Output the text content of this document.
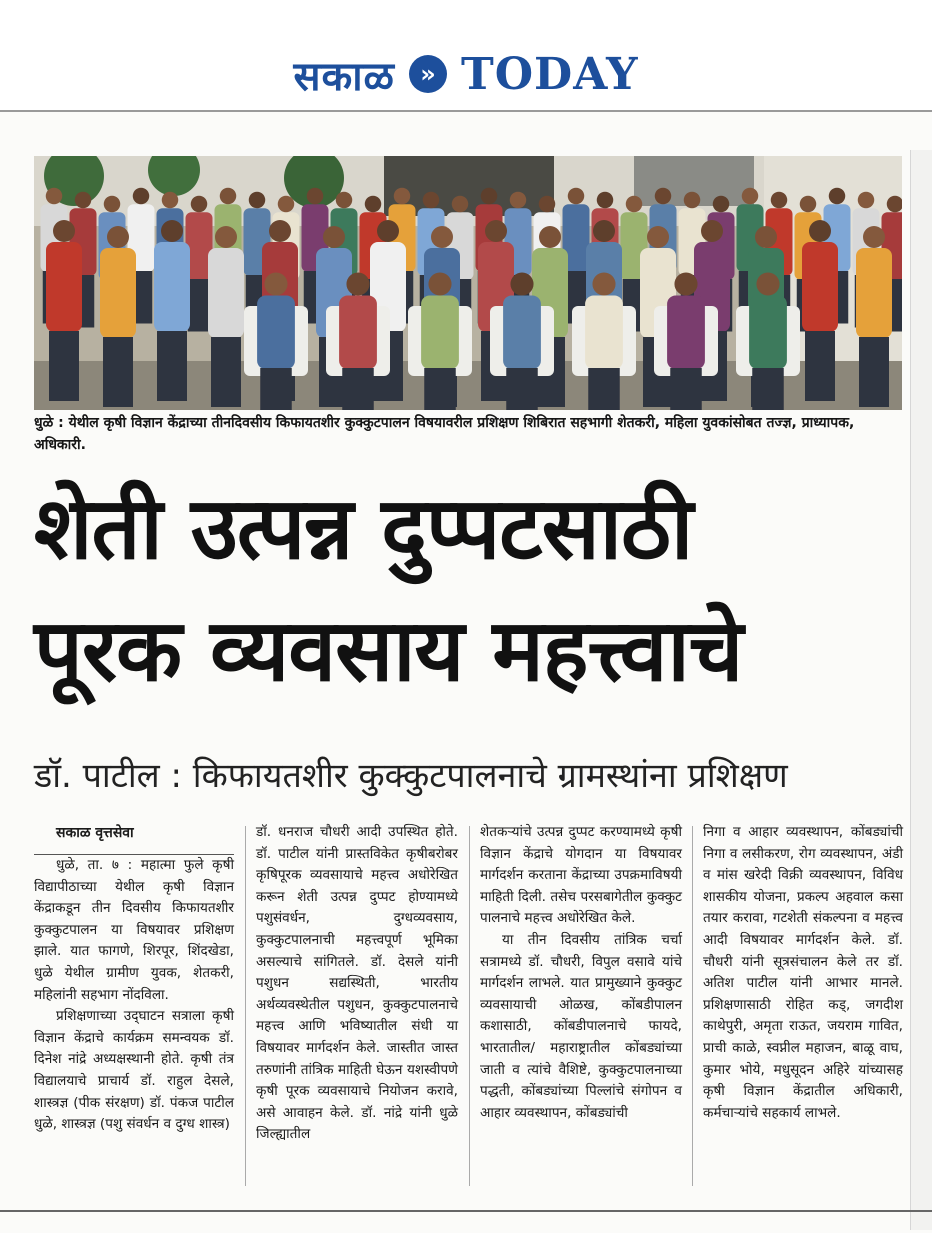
सकाळ	» TODAY
धुळे : येथील कृषी विज्ञान केंद्राच्या तीनदिवसीय किफायतशीर कुक्कुटपालन विषयावरील प्रशिक्षण शिबिरात सहभागी शेतकरी, महिला युवकांसोबत तज्ज्ञ, प्राध्यापक, अधिकारी.
शेती उत्पन्न दुप्पटसाठी
पूरक व्यवसाय महत्त्वाचे
डॉ. पाटील : किफायतशीर कुक्कुटपालनाचे ग्रामस्थांना प्रशिक्षण

सकाळ वृत्तसेवा

धुळे, ता. ७ : महात्मा फुले कृषी विद्यापीठाच्या येथील कृषी विज्ञान केंद्राकडून तीन दिवसीय किफायतशीर कुक्कुटपालन या विषयावर प्रशिक्षण झाले. यात फागणे, शिरपूर, शिंदखेडा, धुळे येथील ग्रामीण युवक, शेतकरी, महिलांनी सहभाग नोंदविला.

प्रशिक्षणाच्या उद्‌घाटन सत्राला कृषी विज्ञान केंद्राचे कार्यक्रम समन्वयक डॉ. दिनेश नांद्रे अध्यक्षस्थानी होते. कृषी तंत्र विद्यालयाचे प्राचार्य डॉ. राहुल देसले, शास्त्रज्ञ (पीक संरक्षण) डॉ. पंकज पाटील धुळे, शास्त्रज्ञ (पशु संवर्धन व दुग्ध शास्त्र)

डॉ. धनराज चौधरी आदी उपस्थित होते. डॉ. पाटील यांनी प्रास्तविकेत कृषीबरोबर कृषिपूरक व्यवसायाचे महत्त्व अधोरेखित करून शेती उत्पन्न दुप्पट होण्यामध्ये पशुसंवर्धन, दुग्धव्यवसाय, कुक्कुटपालनाची महत्त्वपूर्ण भूमिका असल्याचे सांगितले. डॉ. देसले यांनी पशुधन सद्यस्थिती, भारतीय अर्थव्यवस्थेतील पशुधन, कुक्कुटपालनाचे महत्त्व आणि भविष्यातील संधी या विषयावर मार्गदर्शन केले. जास्तीत जास्त तरुणांनी तांत्रिक माहिती घेऊन यशस्वीपणे कृषी पूरक व्यवसायाचे नियोजन करावे, असे आवाहन केले. डॉ. नांद्रे यांनी धुळे जिल्ह्यातील

शेतकऱ्यांचे उत्पन्न दुप्पट करण्यामध्ये कृषी विज्ञान केंद्राचे योगदान या विषयावर मार्गदर्शन करताना केंद्राच्या उपक्रमाविषयी माहिती दिली. तसेच परसबागेतील कुक्कुट पालनाचे महत्त्व अधोरेखित केले.

या तीन दिवसीय तांत्रिक चर्चा सत्रामध्ये डॉ. चौधरी, विपुल वसावे यांचे मार्गदर्शन लाभले. यात प्रामुख्याने कुक्कुट व्यवसायाची ओळख, कोंबडीपालन कशासाठी, कोंबडीपालनाचे फायदे, भारतातील/ महाराष्ट्रातील कोंबड्यांच्या जाती व त्यांचे वैशिष्टे, कुक्कुटपालनाच्या पद्धती, कोंबड्यांच्या पिल्लांचे संगोपन व आहार व्यवस्थापन, कोंबड्यांची

निगा व आहार व्यवस्थापन, कोंबड्यांची निगा व लसीकरण, रोग व्यवस्थापन, अंडी व मांस खरेदी विक्री व्यवस्थापन, विविध शासकीय योजना, प्रकल्प अहवाल कसा तयार करावा, गटशेती संकल्पना व महत्त्व आदी विषयावर मार्गदर्शन केले. डॉ. चौधरी यांनी सूत्रसंचालन केले तर डॉ. अतिश पाटील यांनी आभार मानले. प्रशिक्षणासाठी रोहित कड्, जगदीश काथेपुरी, अमृता राऊत, जयराम गावित, प्राची काळे, स्वप्नील महाजन, बाळू वाघ, कुमार भोये, मधुसूदन अहिरे यांच्यासह कृषी विज्ञान केंद्रातील अधिकारी, कर्मचाऱ्यांचे सहकार्य लाभले.
